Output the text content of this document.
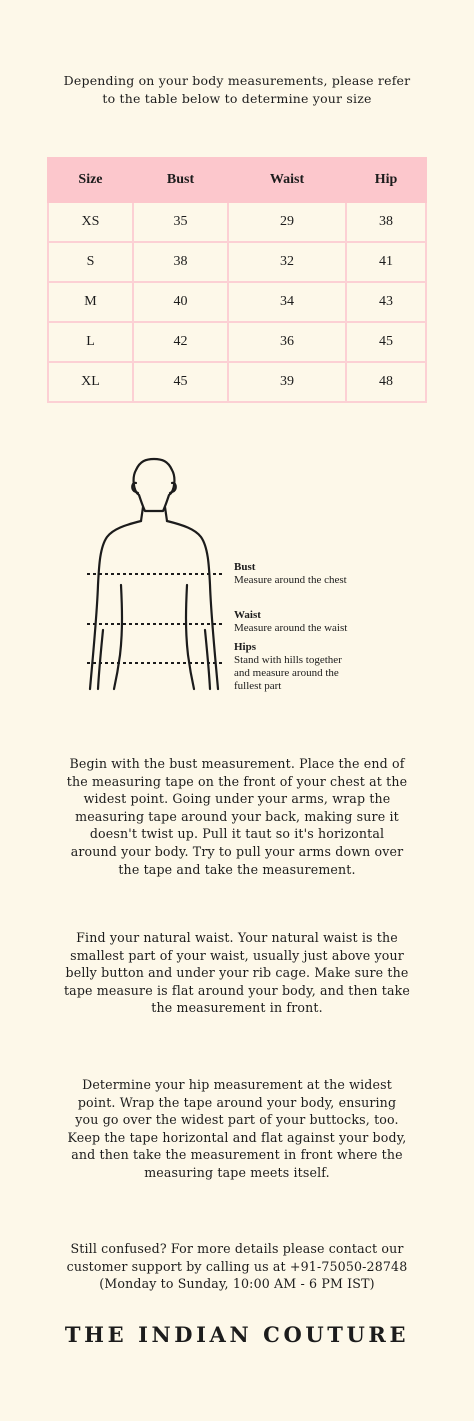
Depending on your body measurements, please refer
to the table below to determine your size
Size	Bust	Waist	Hip
XS	35	29	38
S	38	32	41
M	40	34	43
L	42	36	45
XL	45	39	48
Bust
Measure around the chest
Waist
Measure around the waist
Hips
Stand with hills together
and measure around the
fullest part
Begin with the bust measurement. Place the end of
the measuring tape on the front of your chest at the
widest point. Going under your arms, wrap the
measuring tape around your back, making sure it
doesn't twist up. Pull it taut so it's horizontal
around your body. Try to pull your arms down over
the tape and take the measurement.
Find your natural waist. Your natural waist is the
smallest part of your waist, usually just above your
belly button and under your rib cage. Make sure the
tape measure is flat around your body, and then take
the measurement in front.
Determine your hip measurement at the widest
point. Wrap the tape around your body, ensuring
you go over the widest part of your buttocks, too.
Keep the tape horizontal and flat against your body,
and then take the measurement in front where the
measuring tape meets itself.
Still confused? For more details please contact our
customer support by calling us at +91-75050-28748
(Monday to Sunday, 10:00 AM - 6 PM IST)
THE INDIAN COUTURE
